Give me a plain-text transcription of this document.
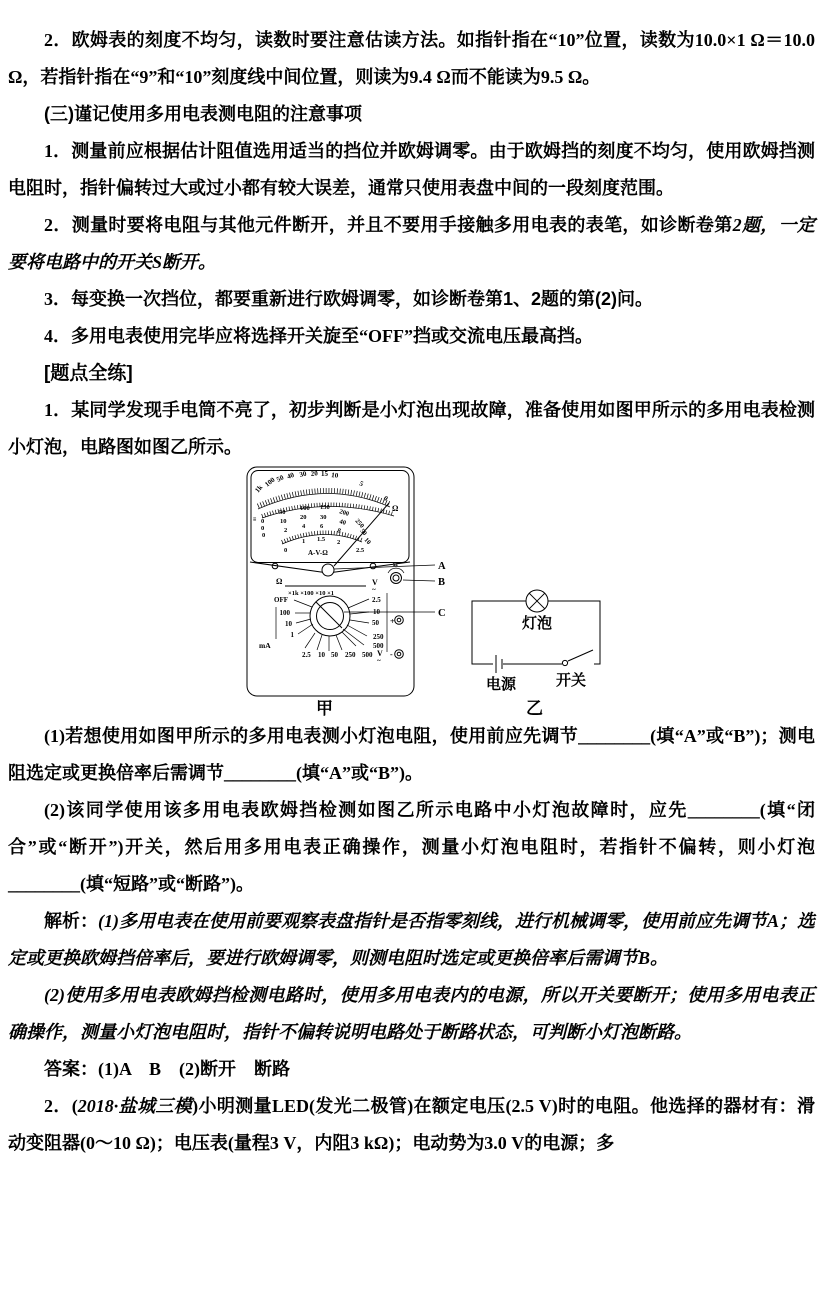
2．欧姆表的刻度不均匀，读数时要注意估读方法。如指针指在“10”位置，读数为10.0×1 Ω＝10.0 Ω，若指针指在“9”和“10”刻度线中间位置，则读为9.4 Ω而不能读为9.5 Ω。

(三)谨记使用多用电表测电阻的注意事项

1．测量前应根据估计阻值选用适当的挡位并欧姆调零。由于欧姆挡的刻度不均匀，使用欧姆挡测电阻时，指针偏转过大或过小都有较大误差，通常只使用表盘中间的一段刻度范围。

2．测量时要将电阻与其他元件断开，并且不要用手接触多用电表的表笔，如诊断卷第2题，一定要将电路中的开关S断开。

3．每变换一次挡位，都要重新进行欧姆调零，如诊断卷第1、2题的第(2)问。

4．多用电表使用完毕应将选择开关旋至“OFF”挡或交流电压最高挡。

[题点全练]

1．某同学发现手电筒不亮了，初步判断是小灯泡出现故障，准备使用如图甲所示的多用电表检测小灯泡，电路图如图乙所示。

1k
100
50 40 30 20 15 10
5
0
Ω
≡ 0
0
0
50
100 150
200
10
20 30
40
2
4 6
8
250
50
10
0
1 1.5 2
2.5
A-V-Ω
Ω
×1k ×100 ×10 ×1
V
~
Ω
OFF
100
10
1
mA
2.5
10
50
250
500
2.5 10 50 250 500 V
~
+
-
A
B
C
甲
灯泡
电源	开关
乙

(1)若想使用如图甲所示的多用电表测小灯泡电阻，使用前应先调节________(填“A”或“B”)；测电阻选定或更换倍率后需调节________(填“A”或“B”)。

(2)该同学使用该多用电表欧姆挡检测如图乙所示电路中小灯泡故障时，应先________(填“闭合”或“断开”)开关，然后用多用电表正确操作，测量小灯泡电阻时，若指针不偏转，则小灯泡________(填“短路”或“断路”)。

解析：(1)多用电表在使用前要观察表盘指针是否指零刻线，进行机械调零，使用前应先调节A；选定或更换欧姆挡倍率后，要进行欧姆调零，则测电阻时选定或更换倍率后需调节B。

(2)使用多用电表欧姆挡检测电路时，使用多用电表内的电源，所以开关要断开；使用多用电表正确操作，测量小灯泡电阻时，指针不偏转说明电路处于断路状态，可判断小灯泡断路。

答案：(1)A　B　(2)断开　断路

2．(2018·盐城三模)小明测量LED(发光二极管)在额定电压(2.5 V)时的电阻。他选择的器材有：滑动变阻器(0～10 Ω)；电压表(量程3 V，内阻3 kΩ)；电动势为3.0 V的电源；多
